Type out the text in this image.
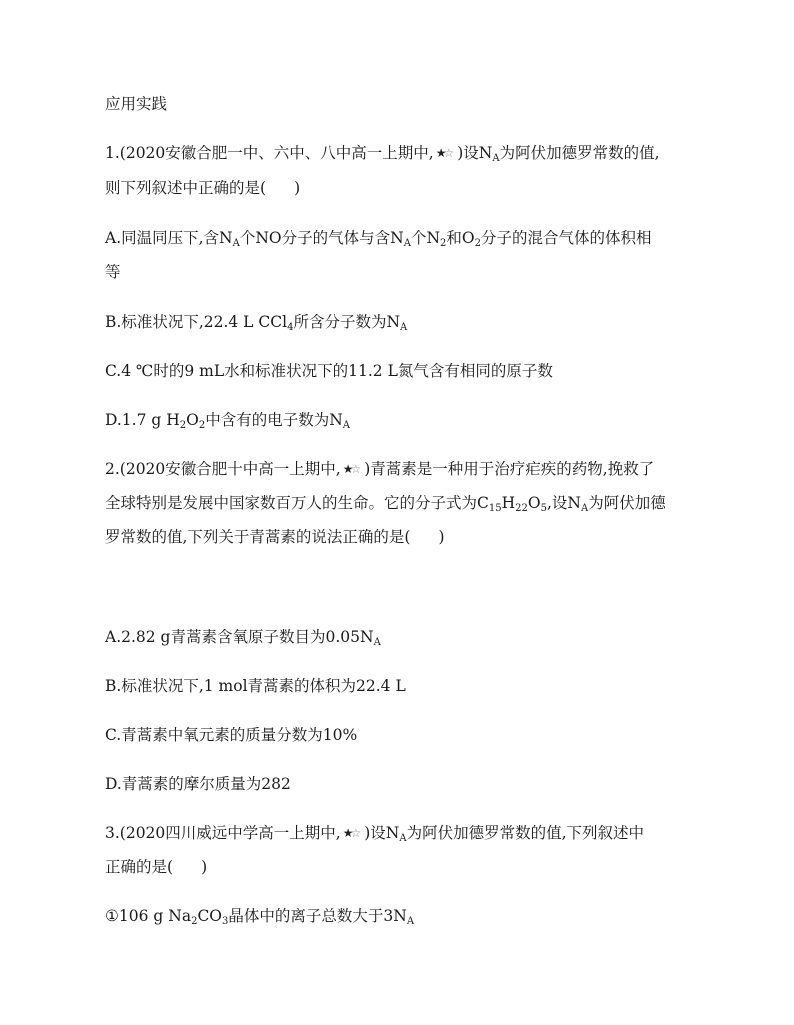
应用实践
1.(2020安徽合肥一中、六中、八中高一上期中, ★☆ )设$N_A$为阿伏加德罗常数的值,
则下列叙述中正确的是( )
A.同温同压下,含$N_A$个NO分子的气体与含$N_A$个$N_2$和$O_2$分子的混合气体的体积相
等
B.标准状况下,22.4 L CCl$_4$所含分子数为$N_A$
C.4 ℃时的9 mL水和标准状况下的11.2 L氮气含有相同的原子数
D.1.7 g $H_2O_2$中含有的电子数为$N_A$
2.(2020安徽合肥十中高一上期中, ★☆ )青蒿素是一种用于治疗疟疾的药物,挽救了
全球特别是发展中国家数百万人的生命。它的分子式为$C_{15}H_{22}O_5$,设$N_A$为阿伏加德
罗常数的值,下列关于青蒿素的说法正确的是( )
A.2.82 g青蒿素含氧原子数目为$0.05N_A$
B.标准状况下,1 mol青蒿素的体积为22.4 L
C.青蒿素中氧元素的质量分数为10%
D.青蒿素的摩尔质量为282
3.(2020四川威远中学高一上期中, ★☆ )设$N_A$为阿伏加德罗常数的值,下列叙述中
正确的是( )
①106 g $Na_2CO_3$晶体中的离子总数大于$3N_A$
